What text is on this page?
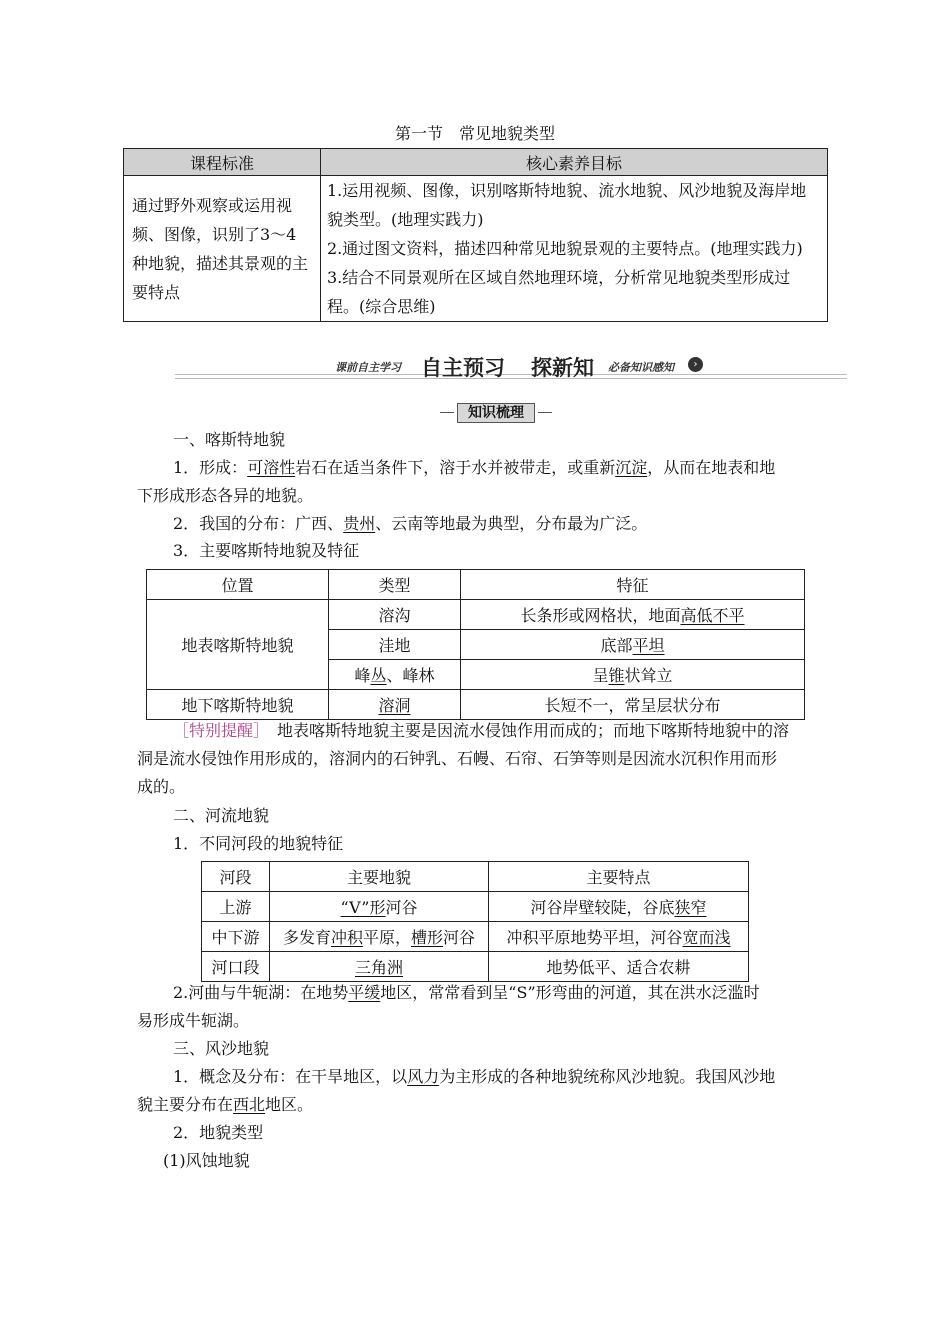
第一节　常见地貌类型
课程标准	核心素养目标
通过野外观察或运用视频、图像，识别了3～4种地貌，描述其景观的主要特点	1.运用视频、图像，识别喀斯特地貌、流水地貌、风沙地貌及海岸地貌类型。(地理实践力)
2.通过图文资料，描述四种常见地貌景观的主要特点。(地理实践力)
3.结合不同景观所在区域自然地理环境，分析常见地貌类型形成过程。(综合思维)
课前自主学习 自主预习	›
探新知 必备知识感知
知识梳理

一、喀斯特地貌

1．形成：可溶性岩石在适当条件下，溶于水并被带走，或重新沉淀，从而在地表和地

下形成形态各异的地貌。

2．我国的分布：广西、贵州、云南等地最为典型，分布最为广泛。

3．主要喀斯特地貌及特征

位置	类型	特征
地表喀斯特地貌	溶沟	长条形或网格状，地面高低不平
	洼地	底部平坦
	峰丛、峰林	呈锥状耸立
地下喀斯特地貌	溶洞	长短不一，常呈层状分布

［特别提醒］　地表喀斯特地貌主要是因流水侵蚀作用而成的；而地下喀斯特地貌中的溶

洞是流水侵蚀作用形成的，溶洞内的石钟乳、石幔、石帘、石笋等则是因流水沉积作用而形

成的。

二、河流地貌

1．不同河段的地貌特征

河段	主要地貌	主要特点
上游	“V”形河谷	河谷岸壁较陡，谷底狭窄
中下游	多发育冲积平原，槽形河谷	冲积平原地势平坦，河谷宽而浅
河口段	三角洲	地势低平、适合农耕

2.河曲与牛轭湖：在地势平缓地区，常常看到呈“S”形弯曲的河道，其在洪水泛滥时

易形成牛轭湖。

三、风沙地貌

1．概念及分布：在干旱地区，以风力为主形成的各种地貌统称风沙地貌。我国风沙地

貌主要分布在西北地区。

2．地貌类型

(1)风蚀地貌
